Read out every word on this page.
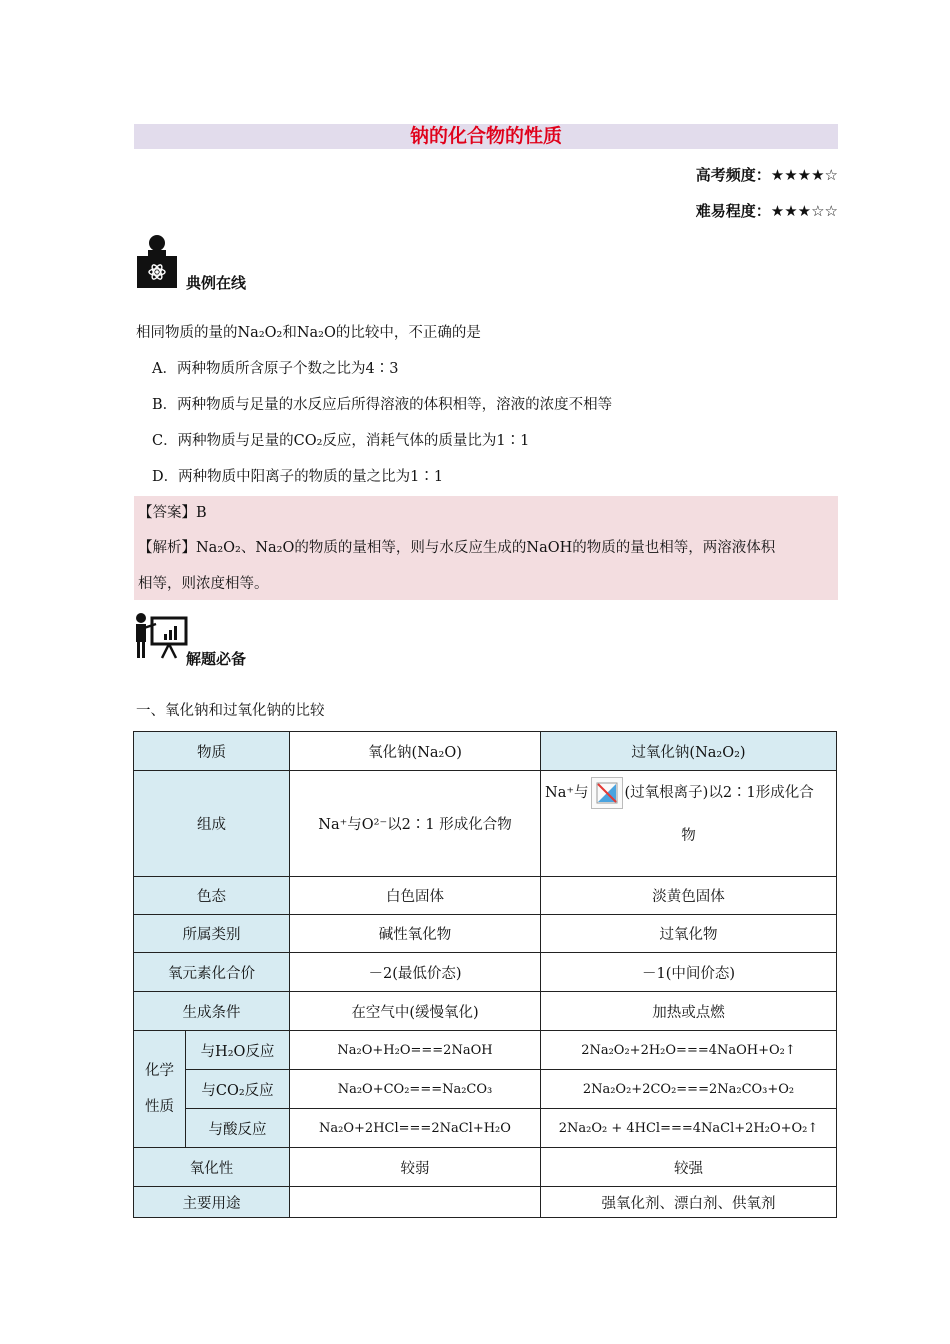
钠的化合物的性质
高考频度：★★★★☆
难易程度：★★★☆☆
典例在线
相同物质的量的Na₂O₂和Na₂O的比较中，不正确的是
A．两种物质所含原子个数之比为4∶3
B．两种物质与足量的水反应后所得溶液的体积相等，溶液的浓度不相等
C．两种物质与足量的CO₂反应，消耗气体的质量比为1∶1
D．两种物质中阳离子的物质的量之比为1∶1
【答案】B
【解析】Na₂O₂、Na₂O的物质的量相等，则与水反应生成的NaOH的物质的量也相等，两溶液体积
相等，则浓度相等。
解题必备
一、氧化钠和过氧化钠的比较
物质		氧化钠(Na₂O)	过氧化钠(Na₂O₂)
组成		Na⁺与O²⁻以2∶1 形成化合物	Na⁺与 (过氧根离子)以2∶1形成化合
物

色态		白色固体	淡黄色固体
所属类别		碱性氧化物	过氧化物
氧元素化合价		－2(最低价态)	－1(中间价态)
生成条件		在空气中(缓慢氧化)	加热或点燃

化学
性质	与H₂O反应	Na₂O+H₂O===2NaOH	2Na₂O₂+2H₂O===4NaOH+O₂↑
	与CO₂反应	Na₂O+CO₂===Na₂CO₃	2Na₂O₂+2CO₂===2Na₂CO₃+O₂
	与酸反应	Na₂O+2HCl===2NaCl+H₂O	2Na₂O₂ + 4HCl===4NaCl+2H₂O+O₂↑
氧化性		较弱	较强
主要用途			强氧化剂、漂白剂、供氧剂
